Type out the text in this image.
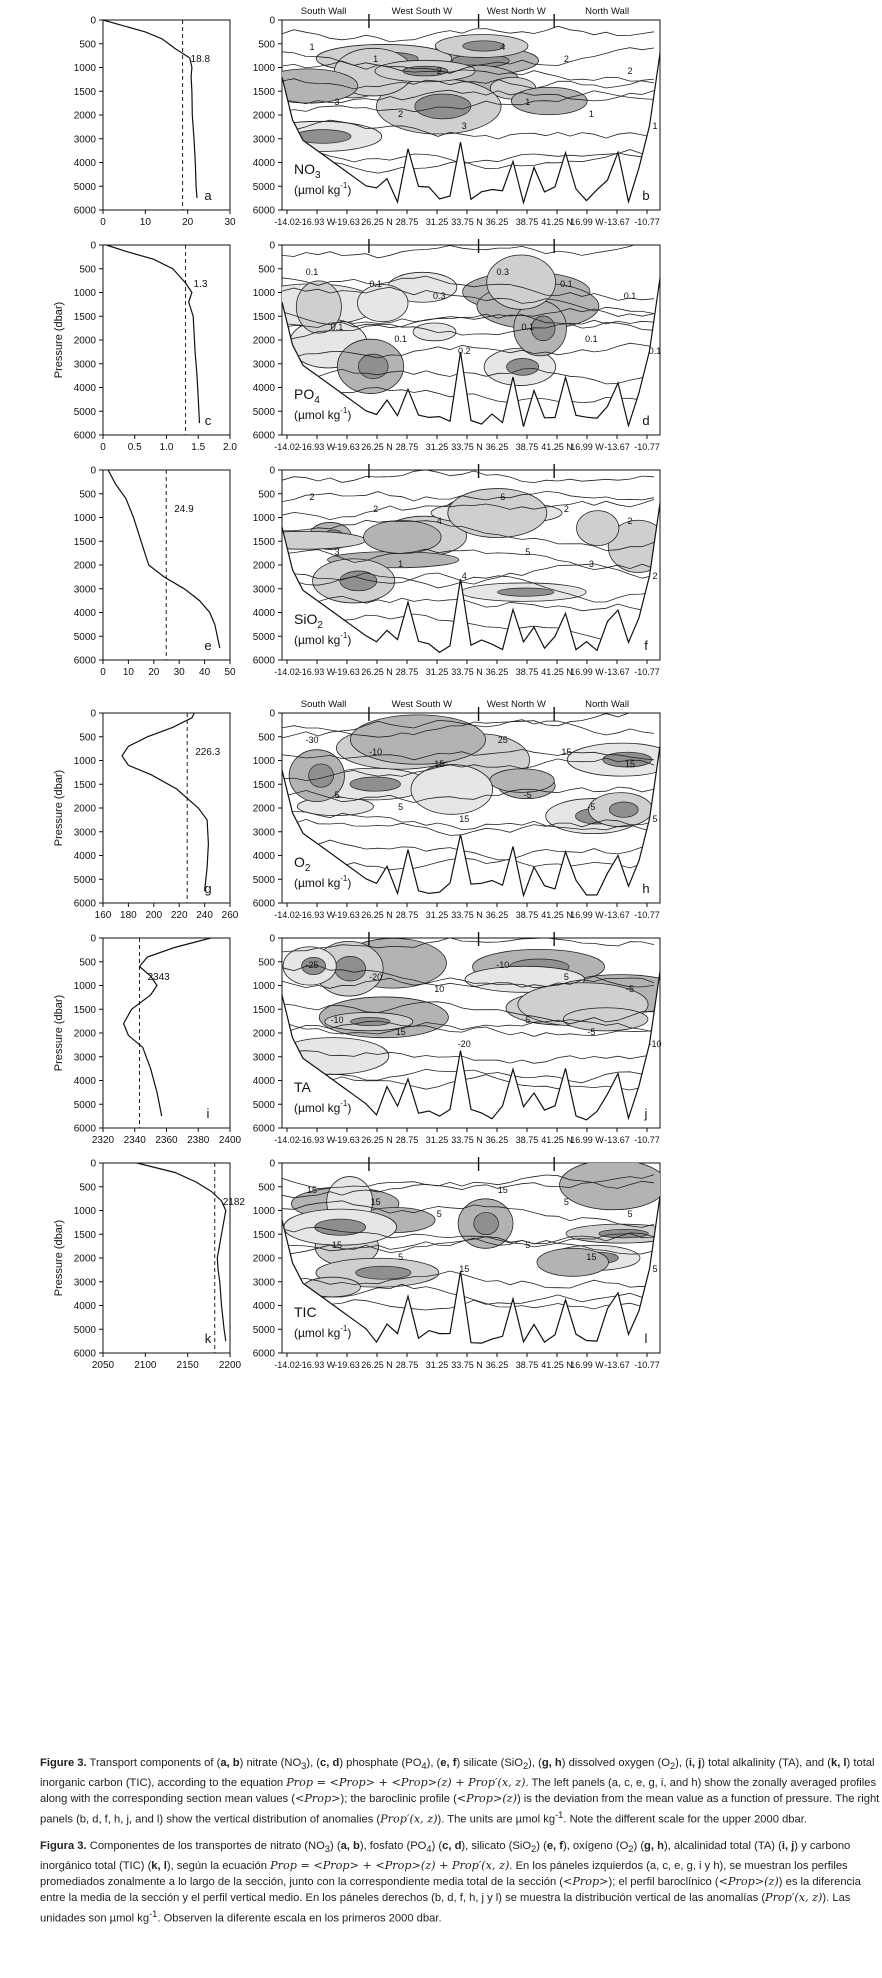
0
500
1000
1500
2000
3000
4000
5000
6000
0	10	20	30
18.8
a
1
1
2
4
2
2
3
2
3
1
1
1
0
500
1000
1500
2000
3000
4000
5000
6000
-14.02
-16.93 W
-19.63 26.25 N 28.75 31.25 33.75 N 36.25 38.75 41.25 N
16.99 W -13.67 -10.77
South Wall	West South W	West North W	North Wall
$NO_3$
(µmol $kg^{-1}$)	b
0
500
1000
1500
2000
3000
4000
5000
6000
0 0.5 1.0 1.5 2.0
1.3
c
Pressure (dbar)
0.1
0.1
0.3
0.3
0.1
0.1
0.1
0.1
0.2
0.1
0.1
0.1
0
500
1000
1500
2000
3000
4000
5000
6000
-14.02
-16.93 W
-19.63 26.25 N 28.75 31.25 33.75 N 36.25 38.75 41.25 N
16.99 W -13.67 -10.77
$PO_4$
(µmol $kg^{-1}$)	d
0
500
1000
1500
2000
3000
4000
5000
6000
0 10 20 30 40 50
24.9
e
2
2
4
6
2
2
3
1
4
5
3
2
0
500
1000
1500
2000
3000
4000
5000
6000
-14.02
-16.93 W
-19.63 26.25 N 28.75 31.25 33.75 N 36.25 38.75 41.25 N
16.99 W -13.67 -10.77
SiO$_2$
(µmol $kg^{-1}$)	f
0
500
1000
1500
2000
3000
4000
5000
6000
160 180 200 220 240 260
226.3
g
Pressure (dbar)
-30
-10
15
25
15
15
5
5
15
-5
-5
5
0
500
1000
1500
2000
3000
4000
5000
6000
-14.02
-16.93 W
-19.63 26.25 N 28.75 31.25 33.75 N 36.25 38.75 41.25 N
16.99 W -13.67 -10.77
South Wall	West South W	West North W	North Wall
$O_2$
(µmol $kg^{-1}$)	h
0
500
1000
1500
2000
3000
4000
5000
6000
2320 2340 2360 2380 2400
2343
i
Pressure (dbar)
-25
-20
10
-10
5
-5
-10
15
-20
5
-5
-10
0
500
1000
1500
2000
3000
4000
5000
6000
-14.02
-16.93 W
-19.63 26.25 N 28.75 31.25 33.75 N 36.25 38.75 41.25 N
16.99 W -13.67 -10.77
TA
(µmol $kg^{-1}$)	j
0
500
1000
1500
2000
3000
4000
5000
6000
2050 2100 2150 2200
2182
k
Pressure (dbar)
15
15
5
15
5
5
15
5
15
5
15
5
0
500
1000
1500
2000
3000
4000
5000
6000
-14.02
-16.93 W
-19.63 26.25 N 28.75 31.25 33.75 N 36.25 38.75 41.25 N
16.99 W -13.67 -10.77
TIC
(µmol $kg^{-1}$)	l
Figure 3. Transport components of (a, b) nitrate $(NO_3)$, (c, d) phosphate $(PO_4)$, (e, f) silicate (SiO$_2$), (g, h) dissolved oxygen $(O_2)$, (i, j) total alkalinity (TA), and (k, l) total inorganic carbon (TIC), according to the equation Prop = <Prop> + <Prop>(z) + Prop′(x, z). The left panels (a, c, e, g, i, and h) show the zonally averaged profiles along with the corresponding section mean values (<Prop>); the baroclinic profile (<Prop>(z)) is the deviation from the mean value as a function of pressure. The right panels (b, d, f, h, j, and l) show the vertical distribution of anomalies (Prop′(x, z)). The units are µmol $kg^{-1}$. Note the different scale for the upper 2000 dbar.
Figura 3. Componentes de los transportes de nitrato $(NO_3)$ (a, b), fosfato $(PO_4)$ (c, d), silicato (SiO$_2$) (e, f), oxígeno $(O_2)$ (g, h), alcalinidad total (TA) (i, j) y carbono inorgánico total (TIC) (k, l), según la ecuación Prop = <Prop> + <Prop>(z) + Prop′(x, z). En los páneles izquierdos (a, c, e, g, i y h), se muestran los perfiles promediados zonalmente a lo largo de la sección, junto con la correspondiente media total de la sección (<Prop>); el perfil baroclínico (<Prop>(z)) es la diferencia entre la media de la sección y el perfil vertical medio. En los páneles derechos (b, d, f, h, j y l) se muestra la distribución vertical de las anomalías (Prop′(x, z)). Las unidades son µmol $kg^{-1}$. Observen la diferente escala en los primeros 2000 dbar.
